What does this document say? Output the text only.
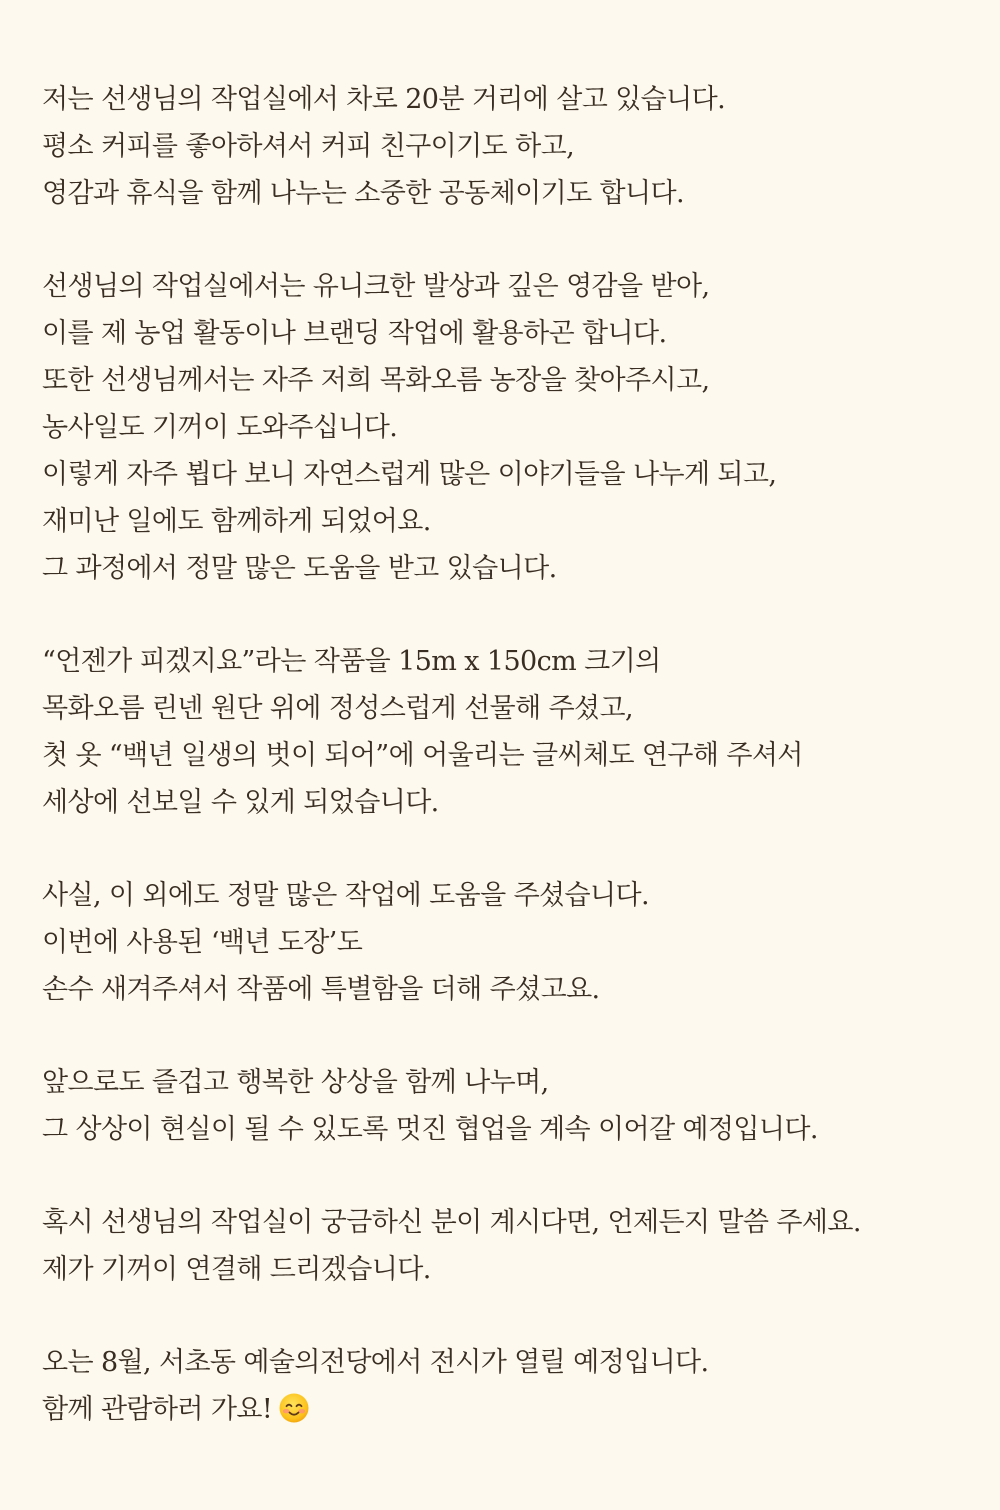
저는 선생님의 작업실에서 차로 20분 거리에 살고 있습니다.
평소 커피를 좋아하셔서 커피 친구이기도 하고,
영감과 휴식을 함께 나누는 소중한 공동체이기도 합니다.
선생님의 작업실에서는 유니크한 발상과 깊은 영감을 받아,
이를 제 농업 활동이나 브랜딩 작업에 활용하곤 합니다.
또한 선생님께서는 자주 저희 목화오름 농장을 찾아주시고,
농사일도 기꺼이 도와주십니다.
이렇게 자주 뵙다 보니 자연스럽게 많은 이야기들을 나누게 되고,
재미난 일에도 함께하게 되었어요.
그 과정에서 정말 많은 도움을 받고 있습니다.
“언젠가 피겠지요”라는 작품을 15m x 150cm 크기의
목화오름 린넨 원단 위에 정성스럽게 선물해 주셨고,
첫 옷 “백년 일생의 벗이 되어”에 어울리는 글씨체도 연구해 주셔서
세상에 선보일 수 있게 되었습니다.
사실, 이 외에도 정말 많은 작업에 도움을 주셨습니다.
이번에 사용된 ‘백년 도장’도
손수 새겨주셔서 작품에 특별함을 더해 주셨고요.
앞으로도 즐겁고 행복한 상상을 함께 나누며,
그 상상이 현실이 될 수 있도록 멋진 협업을 계속 이어갈 예정입니다.
혹시 선생님의 작업실이 궁금하신 분이 계시다면, 언제든지 말씀 주세요.
제가 기꺼이 연결해 드리겠습니다.
오는 8월, 서초동 예술의전당에서 전시가 열릴 예정입니다.
함께 관람하러 가요!
